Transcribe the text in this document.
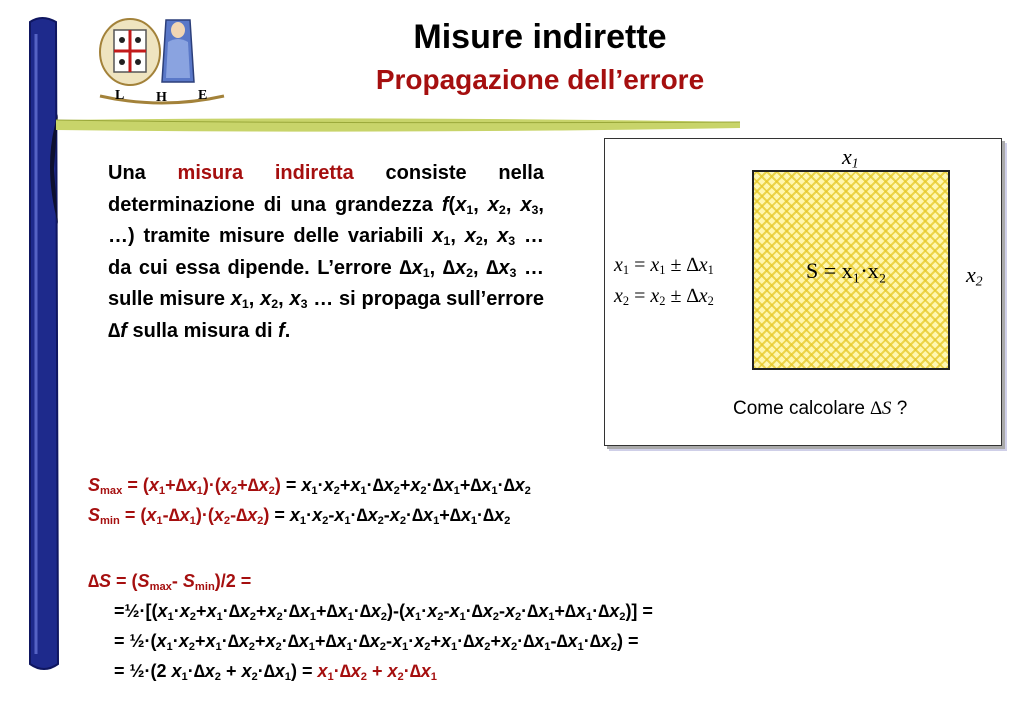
L H E
Misure indirette
Propagazione dell’errore
Una misura indiretta consiste nella determinazione di una grandezza $f(x_1$, $x_2$, $x_3$, …) tramite misure delle variabili $x_1$, $x_2$, $x_3$ … da cui essa dipende. L’errore $\Delta x_1$, $\Delta x_2$, $\Delta x_3$ … sulle misure $x_1$, $x_2$, $x_3$ … si propaga sull’errore ∆f sulla misura di f.
$x_1$
$x_2$
$x_1 = x_1 \pm \Delta x_1$
$x_2 = x_2 \pm \Delta x_2$
S = x₁·x₂
Come calcolare ∆S ?
$S_{max} = (x_1+\Delta x_1)\cdot(x_2+\Delta x_2) = x_1\cdot x_2+x_1\cdot\Delta x_2+x_2\cdot\Delta x_1+\Delta x_1\cdot\Delta x_2$
$S_{min} = (x_1-\Delta x_1)\cdot(x_2-\Delta x_2) = x_1\cdot x_2-x_1\cdot\Delta x_2-x_2\cdot\Delta x_1+\Delta x_1\cdot\Delta x_2$
$\Delta S = (S_{max}-$ $S_{min})/2$ =
$=\frac{1}{2}\cdot[(x_1\cdot x_2+x_1\cdot\Delta x_2+x_2\cdot\Delta x_1+\Delta x_1\cdot\Delta x_2)-(x_1\cdot x_2-x_1\cdot\Delta x_2-x_2\cdot\Delta x_1+\Delta x_1\cdot\Delta x_2)]$ =
= $\frac{1}{2}\cdot(x_1\cdot x_2+x_1\cdot\Delta x_2+x_2\cdot\Delta x_1+\Delta x_1\cdot\Delta x_2-x_1\cdot x_2+x_1\cdot\Delta x_2+x_2\cdot\Delta x_1-\Delta x_1\cdot\Delta x_2)$ =
= ½·(2 $x_1\cdot\Delta x_2 + x_2\cdot\Delta x_1) = x_1\cdot\Delta x_2 + x_2\cdot\Delta x_1$
